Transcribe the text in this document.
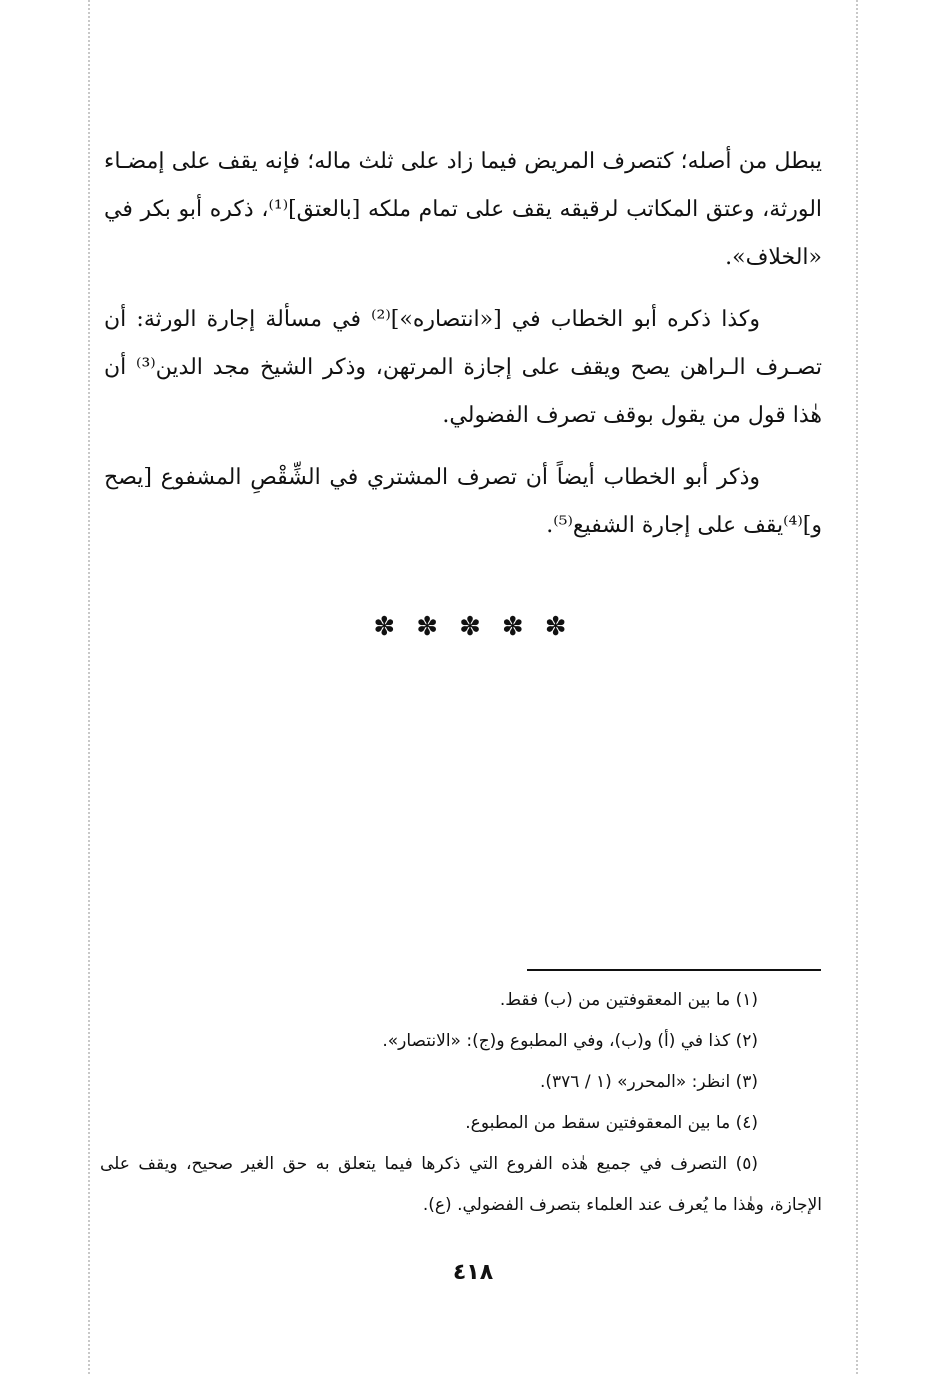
يبطل من أصله؛ كتصرف المريض فيما زاد على ثلث ماله؛ فإنه يقف على إمضـاء الورثة، وعتق المكاتب لرقيقه يقف على تمام ملكه [بالعتق]⁽¹⁾، ذكره أبو بكر في «الخلاف».

وكذا ذكره أبو الخطاب في [«انتصاره»]⁽²⁾ في مسألة إجارة الورثة: أن تصـرف الـراهن يصح ويقف على إجازة المرتهن، وذكر الشيخ مجد الدين⁽³⁾ أن هٰذا قول من يقول بوقف تصرف الفضولي.

وذكر أبو الخطاب أيضاً أن تصرف المشتري في الشِّقْصِ المشفوع [يصح و]⁽⁴⁾يقف على إجارة الشفيع⁽⁵⁾.

✽ ✽ ✽ ✽ ✽

(١) ما بين المعقوفتين من (ب) فقط.

(٢) كذا في (أ) و(ب)، وفي المطبوع و(ج): «الانتصار».

(٣) انظر: «المحرر» (١ / ٣٧٦).

(٤) ما بين المعقوفتين سقط من المطبوع.

(٥) التصرف في جميع هٰذه الفروع التي ذكرها فيما يتعلق به حق الغير صحيح، ويقف على الإجازة، وهٰذا ما يُعرف عند العلماء بتصرف الفضولي. (ع).

٤١٨
